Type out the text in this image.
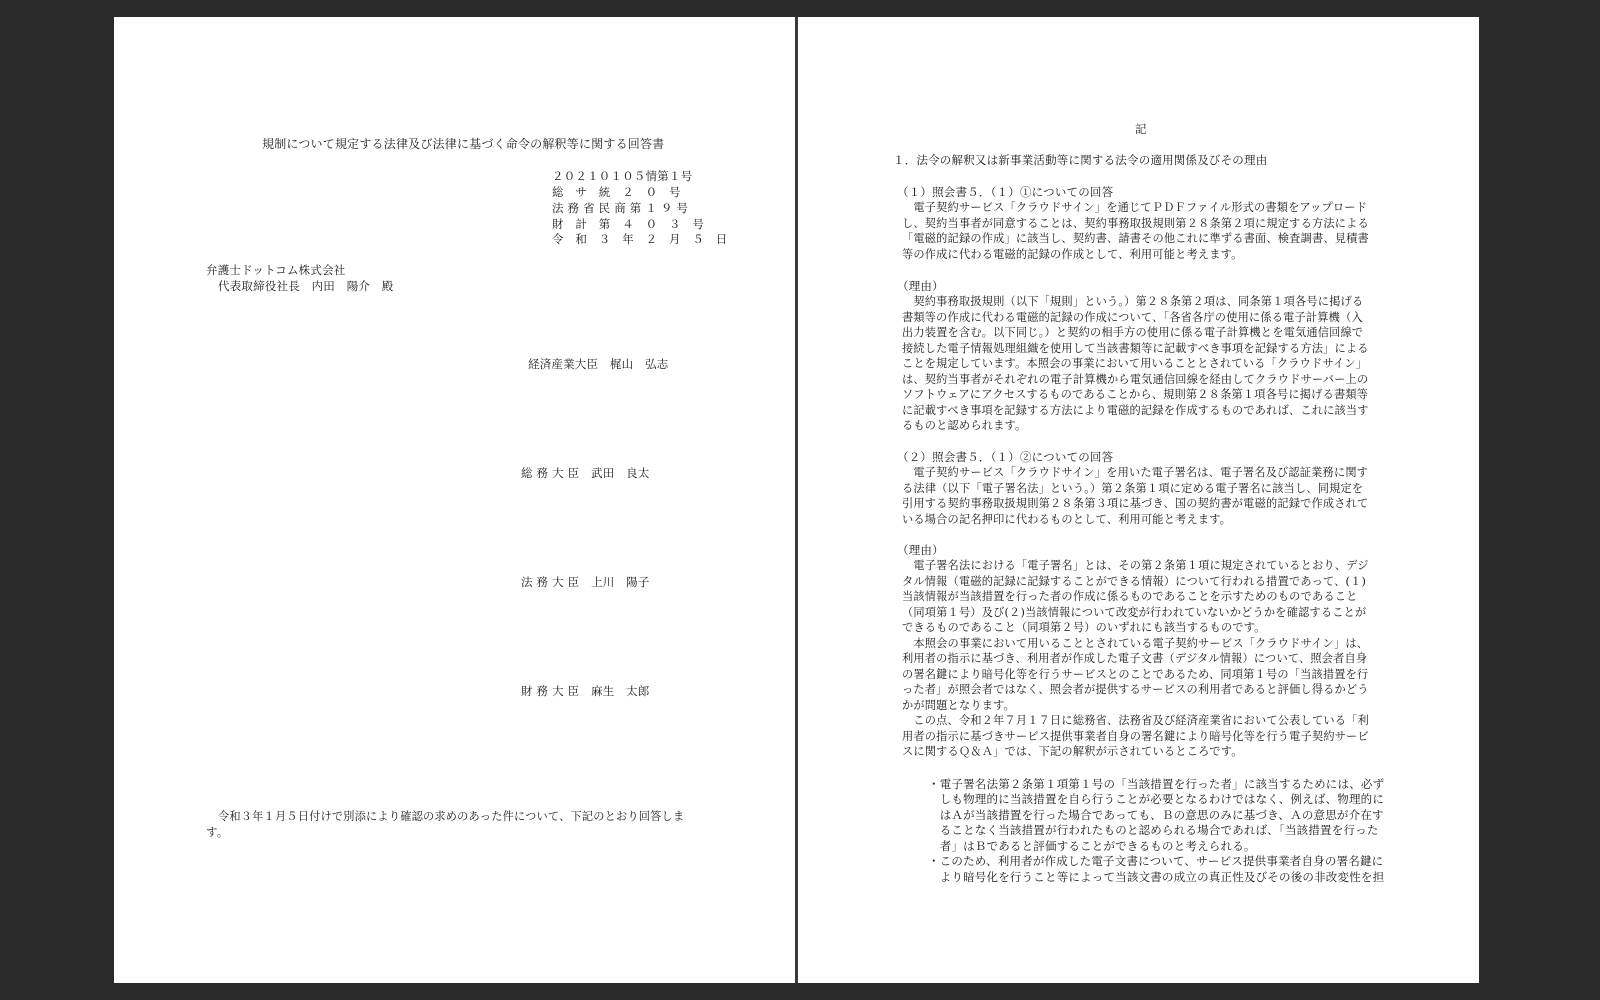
規制について規定する法律及び法律に基づく命令の解釈等に関する回答書
２０２１０１０５情第１号
総　サ　統　２　０　号
法 務 省 民 商 第 １ ９ 号
財　計　第　４　０　３　号
令　和　３　年　２　月　５　日
弁護士ドットコム株式会社
代表取締役社長　内田　陽介　殿
経済産業大臣　梶山　弘志
総 務 大 臣　武田　良太
法 務 大 臣　上川　陽子
財 務 大 臣　麻生　太郎
令和３年１月５日付けで別添により確認の求めのあった件について、下記のとおり回答しま
す。
記
１．法令の解釈又は新事業活動等に関する法令の適用関係及びその理由
（１）照会書５．（１）①についての回答
　電子契約サービス「クラウドサイン」を通じてＰＤＦファイル形式の書類をアップロード
し、契約当事者が同意することは、契約事務取扱規則第２８条第２項に規定する方法による
「電磁的記録の作成」に該当し、契約書、請書その他これに準ずる書面、検査調書、見積書
等の作成に代わる電磁的記録の作成として、利用可能と考えます。
（理由）
　契約事務取扱規則（以下「規則」という。）第２８条第２項は、同条第１項各号に掲げる
書類等の作成に代わる電磁的記録の作成について、「各省各庁の使用に係る電子計算機（入
出力装置を含む。以下同じ。）と契約の相手方の使用に係る電子計算機とを電気通信回線で
接続した電子情報処理組織を使用して当該書類等に記載すべき事項を記録する方法」による
ことを規定しています。本照会の事業において用いることとされている「クラウドサイン」
は、契約当事者がそれぞれの電子計算機から電気通信回線を経由してクラウドサーバー上の
ソフトウェアにアクセスするものであることから、規則第２８条第１項各号に掲げる書類等
に記載すべき事項を記録する方法により電磁的記録を作成するものであれば、これに該当す
るものと認められます。
（２）照会書５．（１）②についての回答
　電子契約サービス「クラウドサイン」を用いた電子署名は、電子署名及び認証業務に関す
る法律（以下「電子署名法」という。）第２条第１項に定める電子署名に該当し、同規定を
引用する契約事務取扱規則第２８条第３項に基づき、国の契約書が電磁的記録で作成されて
いる場合の記名押印に代わるものとして、利用可能と考えます。
（理由）
　電子署名法における「電子署名」とは、その第２条第１項に規定されているとおり、デジ
タル情報（電磁的記録に記録することができる情報）について行われる措置であって、(１)
当該情報が当該措置を行った者の作成に係るものであることを示すためのものであること
（同項第１号）及び(２)当該情報について改変が行われていないかどうかを確認することが
できるものであること（同項第２号）のいずれにも該当するものです。
　本照会の事業において用いることとされている電子契約サービス「クラウドサイン」は、
利用者の指示に基づき、利用者が作成した電子文書（デジタル情報）について、照会者自身
の署名鍵により暗号化等を行うサービスとのことであるため、同項第１号の「当該措置を行
った者」が照会者ではなく、照会者が提供するサービスの利用者であると評価し得るかどう
かが問題となります。
　この点、令和２年７月１７日に総務省、法務省及び経済産業省において公表している「利
用者の指示に基づきサービス提供事業者自身の署名鍵により暗号化等を行う電子契約サービ
スに関するＱ＆Ａ」では、下記の解釈が示されているところです。
・電子署名法第２条第１項第１号の「当該措置を行った者」に該当するためには、必ず
　しも物理的に当該措置を自ら行うことが必要となるわけではなく、例えば、物理的に
　はＡが当該措置を行った場合であっても、Ｂの意思のみに基づき、Ａの意思が介在す
　ることなく当該措置が行われたものと認められる場合であれば、「当該措置を行った
　者」はＢであると評価することができるものと考えられる。
・このため、利用者が作成した電子文書について、サービス提供事業者自身の署名鍵に
　より暗号化を行うこと等によって当該文書の成立の真正性及びその後の非改変性を担
